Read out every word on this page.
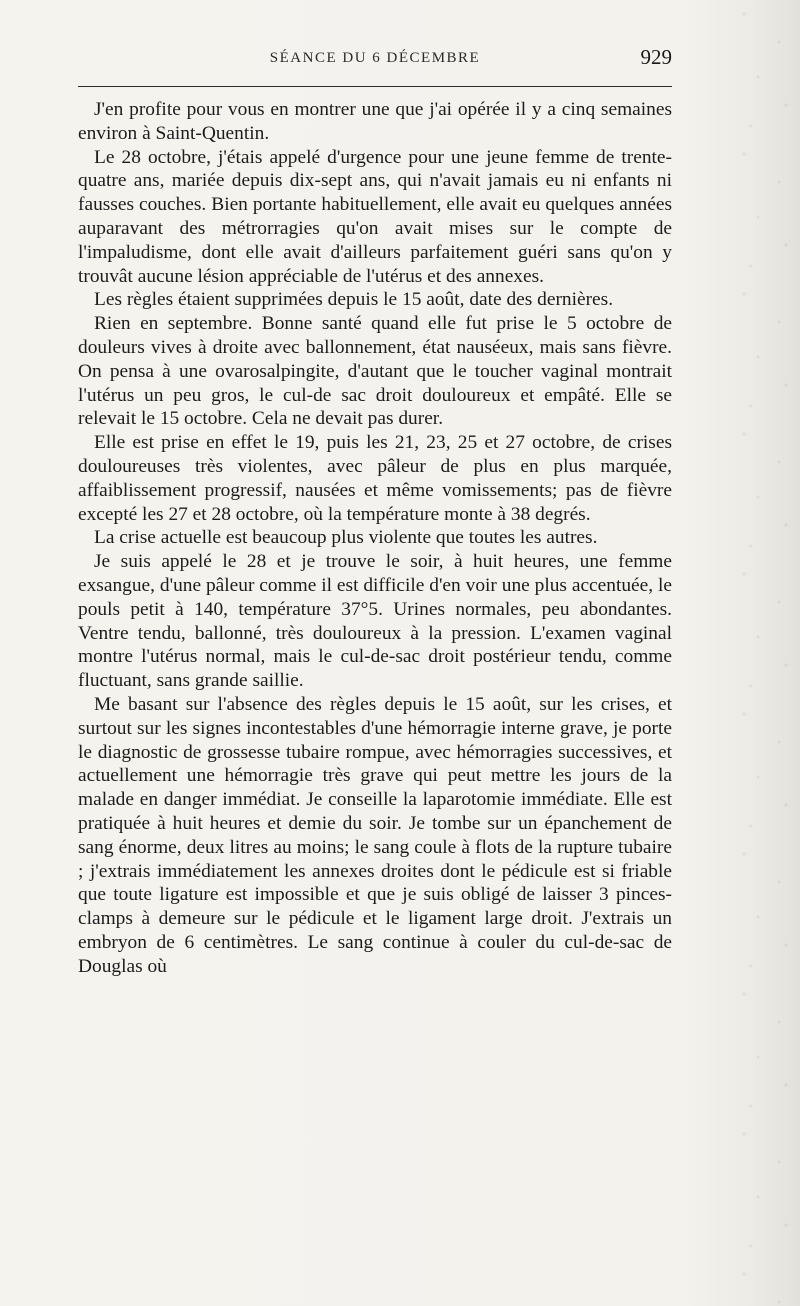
SÉANCE DU 6 DÉCEMBRE	929

J'en profite pour vous en montrer une que j'ai opérée il y a cinq semaines environ à Saint-Quentin.

Le 28 octobre, j'étais appelé d'urgence pour une jeune femme de trente-quatre ans, mariée depuis dix-sept ans, qui n'avait jamais eu ni enfants ni fausses couches. Bien portante habituellement, elle avait eu quelques années auparavant des métrorragies qu'on avait mises sur le compte de l'impaludisme, dont elle avait d'ailleurs parfaitement guéri sans qu'on y trouvât aucune lésion appréciable de l'utérus et des annexes.

Les règles étaient supprimées depuis le 15 août, date des dernières.

Rien en septembre. Bonne santé quand elle fut prise le 5 octobre de douleurs vives à droite avec ballonnement, état nauséeux, mais sans fièvre. On pensa à une ovarosalpingite, d'autant que le toucher vaginal montrait l'utérus un peu gros, le cul-de sac droit douloureux et empâté. Elle se relevait le 15 octobre. Cela ne devait pas durer.

Elle est prise en effet le 19, puis les 21, 23, 25 et 27 octobre, de crises douloureuses très violentes, avec pâleur de plus en plus marquée, affaiblissement progressif, nausées et même vomissements; pas de fièvre excepté les 27 et 28 octobre, où la température monte à 38 degrés.

La crise actuelle est beaucoup plus violente que toutes les autres.

Je suis appelé le 28 et je trouve le soir, à huit heures, une femme exsangue, d'une pâleur comme il est difficile d'en voir une plus accentuée, le pouls petit à 140, température 37°5. Urines normales, peu abondantes. Ventre tendu, ballonné, très douloureux à la pression. L'examen vaginal montre l'utérus normal, mais le cul-de-sac droit postérieur tendu, comme fluctuant, sans grande saillie.

Me basant sur l'absence des règles depuis le 15 août, sur les crises, et surtout sur les signes incontestables d'une hémorragie interne grave, je porte le diagnostic de grossesse tubaire rompue, avec hémorragies successives, et actuellement une hémorragie très grave qui peut mettre les jours de la malade en danger immédiat. Je conseille la laparotomie immédiate. Elle est pratiquée à huit heures et demie du soir. Je tombe sur un épanchement de sang énorme, deux litres au moins; le sang coule à flots de la rupture tubaire ; j'extrais immédiatement les annexes droites dont le pédicule est si friable que toute ligature est impossible et que je suis obligé de laisser 3 pinces-clamps à demeure sur le pédicule et le ligament large droit. J'extrais un embryon de 6 centimètres. Le sang continue à couler du cul-de-sac de Douglas où
